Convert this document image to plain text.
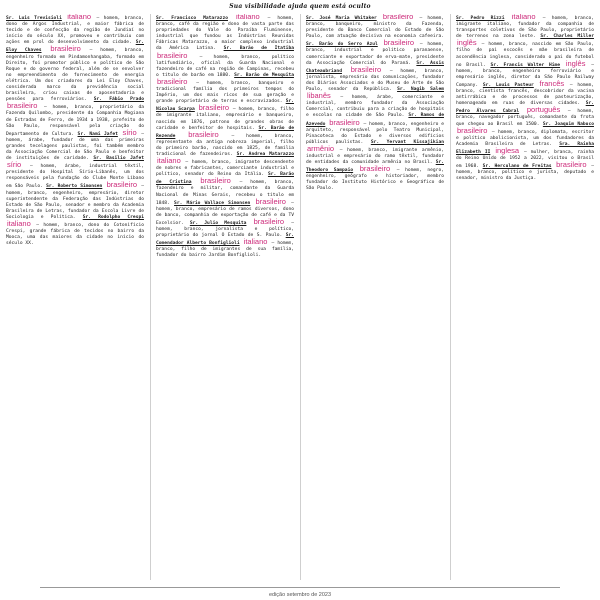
Sua visibilidade ajuda quem está oculto
Sr. Luis Trevisioli italiano – homem, branco, dono de Argos Industrial, e maior fábrica de tecido e de confecção da região de Jundiaí no início do século XX, promoveu e contribuiu com ações em prol do desenvolvimento da cidade. Sr. Eloy Chaves brasileiro – homem, branco, engenheiro formado em Pindamonhangaba, formado em Direito, foi promotor público e político de São Roque e do governo federal, além de se envolver no empreendimento de fornecimento de energia elétrica. Um dos criadores da Lei Eloy Chaves, considerada marco da previdência social brasileira, criou caixas de aposentadoria e pensões para ferroviários. Sr. Fábio Prado brasileiro – homem, branco, proprietário da Fazenda Quilombo, presidente da Companhia Mogiana de Estradas de Ferro, de 1934 a 1938, prefeito de São Paulo, responsável pela criação do Departamento de Cultura. Sr. Nami Jafet sírio – homem, árabe, fundador de uma das primeiras grandes tecelagens paulistas, foi também membro da Associação Comercial de São Paulo e benfeitor de instituições de caridade. Sr. Basilio Jafet sírio – homem, árabe, industrial têxtil, presidente do Hospital Sírio-Libanês, um dos responsáveis pela fundação do Clube Monte Líbano em São Paulo. Sr. Roberto Simonsen brasileiro – homem, branco, engenheiro, empresário, diretor superintendente da Federação das Indústrias do Estado de São Paulo, senador e membro da Academia Brasileira de Letras, fundador da Escola Livre de Sociologia e Política. Sr. Rodolpho Crespi italiano – homem, branco, dono do Cotonifício Crespi, grande fábrica de tecidos no bairro da Mooca, uma das maiores da cidade no início do século XX.
Sr. Francisco Matarazzo italiano – homem, branco, café da região e dono de vasta parte das propriedades do Vale do Paraíba Fluminense, industrial que fundou as Indústrias Reunidas Fábricas Matarazzo, o maior complexo industrial da América Latina. Sr. Barão de Itatiba brasileiro – homem, branco, político latifundiário, oficial da Guarda Nacional e fazendeiro de café na região de Campinas, recebeu o título de barão em 1880. Sr. Barão de Mesquita brasileiro – homem, branco, banqueiro e tradicional família dos primeiros tempos do Império, um dos mais ricos de sua geração e grande proprietário de terras e escravizados. Sr. Nicolau Scarpa brasileiro – homem, branco, filho de imigrante italiano, empresário e banqueiro, nascido em 1876, patrono de grandes obras de caridade e benfeitor de hospitais. Sr. Barão de Rezende brasileiro – homem, branco, representante da antiga nobreza imperial, filho do primeiro barão, nascido em 1825, de família tradicional de fazendeiros. Sr. Andrea Matarazzo italiano – homem, branco, imigrante descendente de nobres e fabricantes, comerciante industrial e político, senador do Reino da Itália. Sr. Barão de Cristina brasileiro – homem, branco, fazendeiro e militar, comandante da Guarda Nacional de Minas Gerais, recebeu o título em 1848. Sr. Mário Wallace Simonsen brasileiro – homem, branco, empresário de ramos diversos, dono de banco, companhia de exportação de café e da TV Excelsior. Sr. Julio Mesquita brasileiro – homem, branco, jornalista e político, proprietário do jornal O Estado de S. Paulo. Sr. Comendador Alberto Bonfiglioli italiano – homem, branco, filho de imigrantes de sua família, fundador do bairro Jardim Bonfiglioli.
Sr. José Maria Whitaker brasileiro – homem, branco, banqueiro, ministro da Fazenda, presidente do Banco Comercial do Estado de São Paulo, com atuação decisiva na economia cafeeira. Sr. Barão do Serro Azul brasileiro – homem, branco, industrial e político paranaense, comerciante e exportador de erva-mate, presidente da Associação Comercial do Paraná. Sr. Assis Chateaubriand brasileiro – homem, branco, jornalista, empresário das comunicações, fundador dos Diários Associados e do Museu de Arte de São Paulo, senador da República. Sr. Nagib Salem libanês – homem, árabe, comerciante e industrial, membro fundador da Associação Comercial, contribuiu para a criação de hospitais e escolas na cidade de São Paulo. Sr. Ramos de Azevedo brasileiro – homem, branco, engenheiro e arquiteto, responsável pelo Teatro Municipal, Pinacoteca do Estado e diversos edifícios públicos paulistas. Sr. Yervant Kissajikian armênio – homem, branco, imigrante armênio, industrial e empresário do ramo têxtil, fundador de entidades da comunidade armênia no Brasil. Sr. Theodoro Sampaio brasileiro – homem, negro, engenheiro, geógrafo e historiador, membro fundador do Instituto Histórico e Geográfico de São Paulo.
Sr. Pedro Rizzi italiano – homem, branco, imigrante italiano, fundador da companhia de transportes coletivos de São Paulo, proprietário de terrenos na zona leste. Sr. Charles Miller inglês – homem, branco, nascido em São Paulo, filho de pai escocês e mãe brasileira de ascendência inglesa, considerado o pai do futebol no Brasil. Sr. Francis Walter Hime inglês – homem, branco, engenheiro ferroviário e empresário inglês, diretor da São Paulo Railway Company. Sr. Louis Pasteur francês – homem, branco, cientista francês, descobridor da vacina antirrábica e de processos de pasteurização, homenageado em ruas de diversas cidades. Sr. Pedro Álvares Cabral português – homem, branco, navegador português, comandante da frota que chegou ao Brasil em 1500. Sr. Joaquim Nabuco brasileiro – homem, branco, diplomata, escritor e político abolicionista, um dos fundadores da Academia Brasileira de Letras. Sra. Rainha Elizabeth II inglesa – mulher, branca, rainha do Reino Unido de 1952 a 2022, visitou o Brasil em 1968. Sr. Herculano de Freitas brasileiro – homem, branco, político e jurista, deputado e senador, ministro da Justiça.
edição setembro de 2023
